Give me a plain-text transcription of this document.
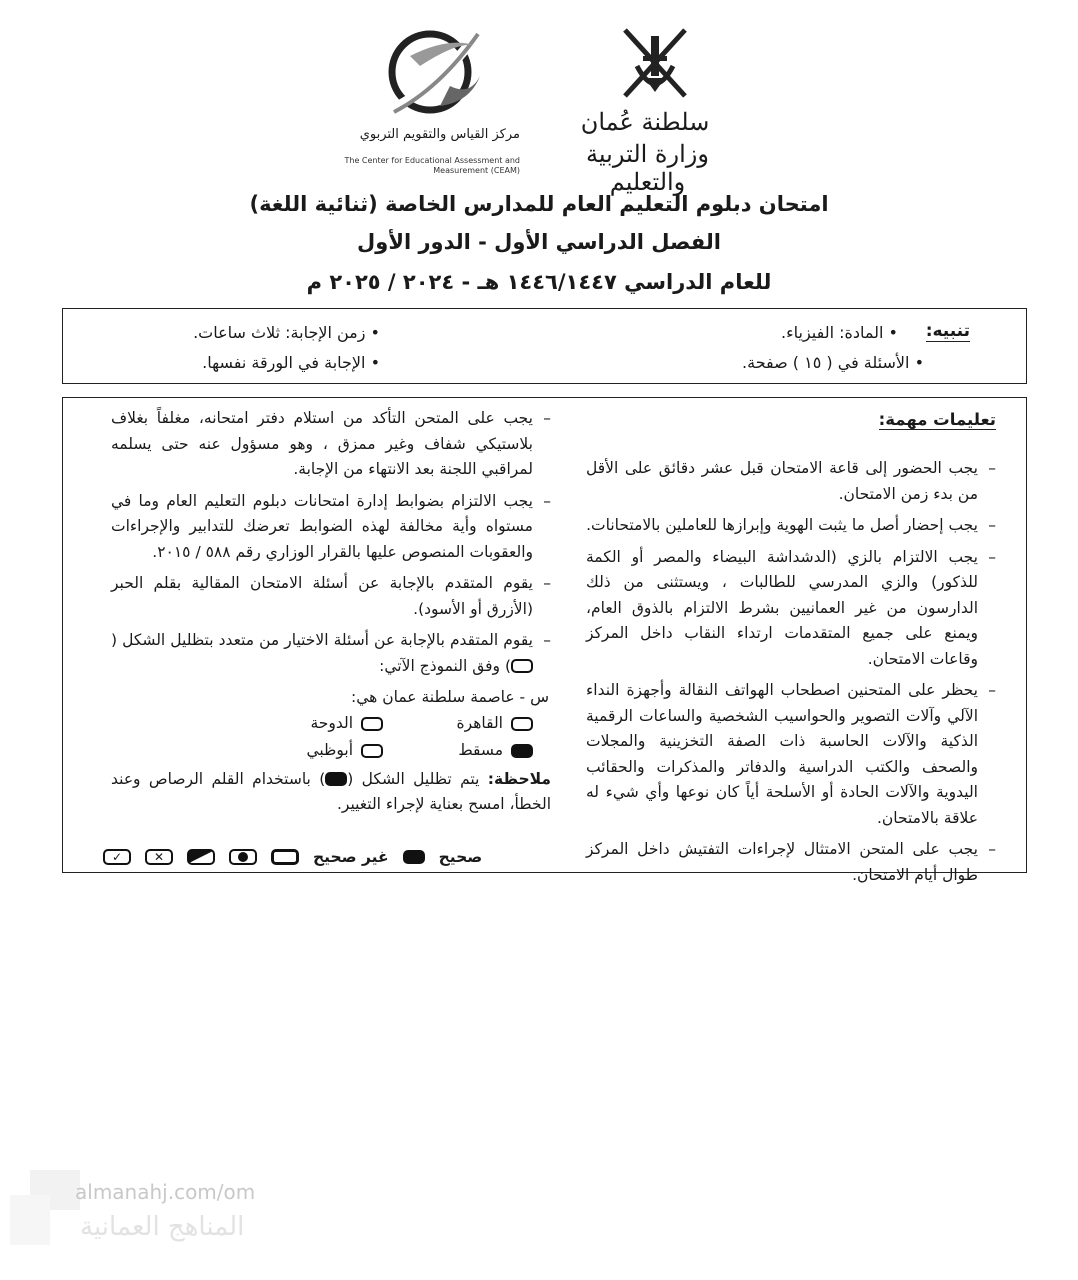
مركز القياس والتقويم التربوي
The Center for Educational Assessment and Measurement (CEAM)
سلطنة عُمان
وزارة التربية والتعليم
امتحان دبلوم التعليم العام للمدارس الخاصة (ثنائية اللغة)
الفصل الدراسي الأول - الدور الأول
للعام الدراسي ١٤٤٦/١٤٤٧ هـ - ٢٠٢٤ / ٢٠٢٥ م
تنبيه:
• المادة: الفيزياء.
• الأسئلة في ( ١٥ ) صفحة.
• زمن الإجابة: ثلاث ساعات.
• الإجابة في الورقة نفسها.
تعليمات مهمة:
– يجب الحضور إلى قاعة الامتحان قبل عشر دقائق على الأقل من بدء زمن الامتحان.
– يجب إحضار أصل ما يثبت الهوية وإبرازها للعاملين بالامتحانات.
– يجب الالتزام بالزي (الدشداشة البيضاء والمصر أو الكمة للذكور) والزي المدرسي للطالبات ، ويستثنى من ذلك الدارسون من غير العمانيين بشرط الالتزام بالذوق العام، ويمنع على جميع المتقدمات ارتداء النقاب داخل المركز وقاعات الامتحان.
– يحظر على المتحنين اصطحاب الهواتف النقالة وأجهزة النداء الآلي وآلات التصوير والحواسيب الشخصية والساعات الرقمية الذكية والآلات الحاسبة ذات الصفة التخزينية والمجلات والصحف والكتب الدراسية والدفاتر والمذكرات والحقائب اليدوية والآلات الحادة أو الأسلحة أياً كان نوعها وأي شيء له علاقة بالامتحان.
– يجب على المتحن الامتثال لإجراءات التفتيش داخل المركز طوال أيام الامتحان.
– يجب على المتحن التأكد من استلام دفتر امتحانه، مغلفاً بغلاف بلاستيكي شفاف وغير ممزق ، وهو مسؤول عنه حتى يسلمه لمراقبي اللجنة بعد الانتهاء من الإجابة.
– يجب الالتزام بضوابط إدارة امتحانات دبلوم التعليم العام وما في مستواه وأية مخالفة لهذه الضوابط تعرضك للتدابير والإجراءات والعقوبات المنصوص عليها بالقرار الوزاري رقم ٥٨٨ / ٢٠١٥.
– يقوم المتقدم بالإجابة عن أسئلة الامتحان المقالية بقلم الحبر (الأزرق أو الأسود).
– يقوم المتقدم بالإجابة عن أسئلة الاختيار من متعدد بتظليل الشكل () وفق النموذج الآتي:
س - عاصمة سلطنة عمان هي:
القاهرة
الدوحة
مسقط
أبوظبي
ملاحظة: يتم تظليل الشكل () باستخدام القلم الرصاص وعند الخطأ، امسح بعناية لإجراء التغيير.
صحيح
غير صحيح
✕
✓
almanahj.com/om
المناهج العمانية
